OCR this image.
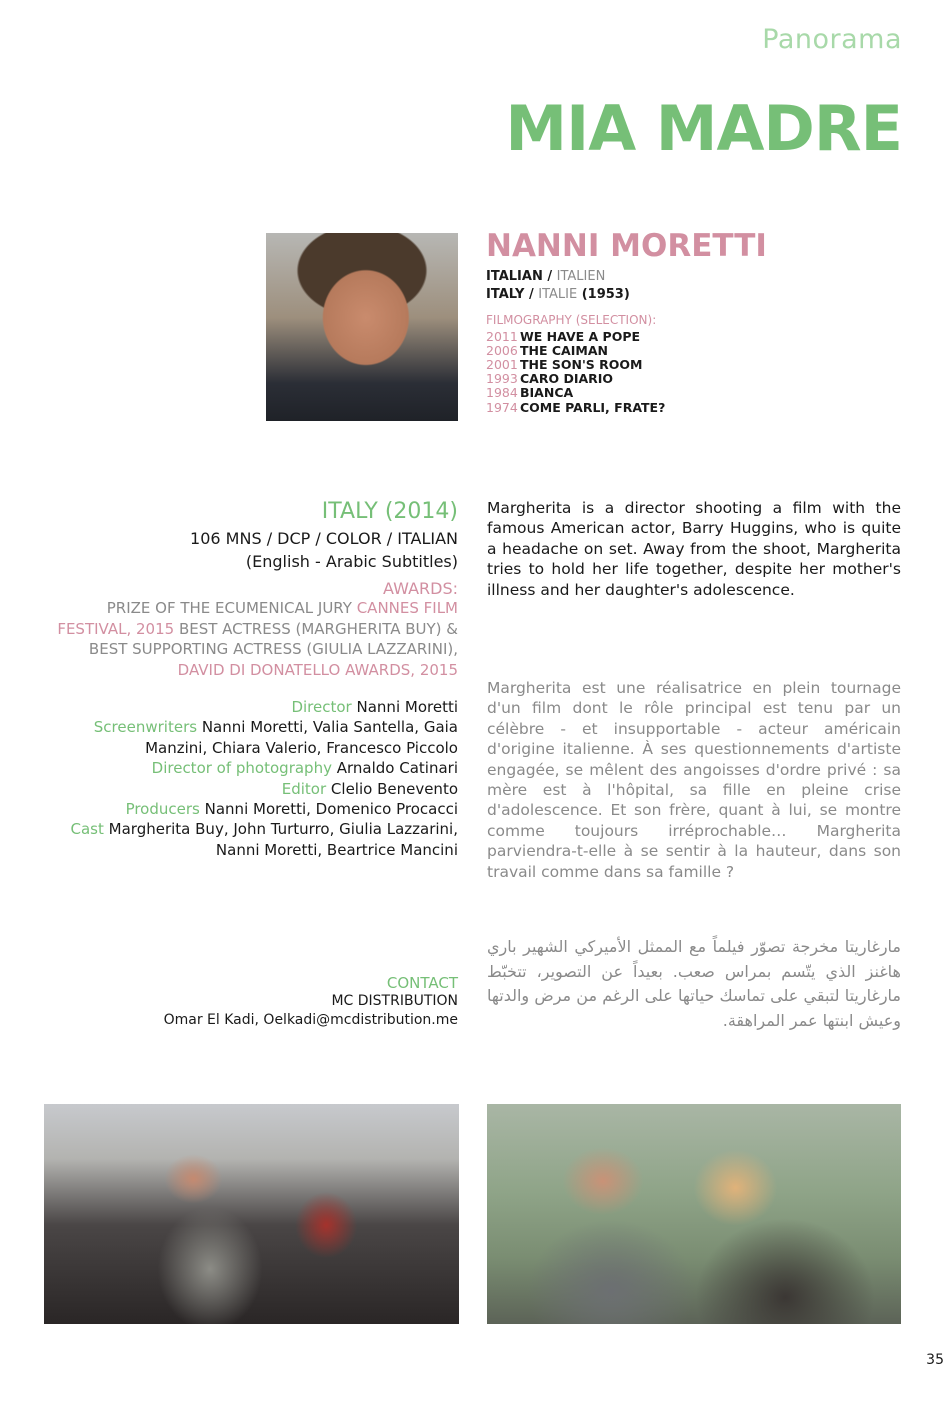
Panorama
MIA MADRE
NANNI MORETTI
ITALIAN / ITALIEN
ITALY / ITALIE (1953)
FILMOGRAPHY (SELECTION):
2011 WE HAVE A POPE
2006 THE CAIMAN
2001 THE SON'S ROOM
1993 CARO DIARIO
1984 BIANCA
1974 COME PARLI, FRATE?
ITALY (2014)
106 MNS / DCP / COLOR / ITALIAN
(English - Arabic Subtitles)
AWARDS:
PRIZE OF THE ECUMENICAL JURY CANNES FILM FESTIVAL, 2015 BEST ACTRESS (MARGHERITA BUY) & BEST SUPPORTING ACTRESS (GIULIA LAZZARINI), DAVID DI DONATELLO AWARDS, 2015
Director Nanni Moretti
Screenwriters Nanni Moretti, Valia Santella, Gaia Manzini, Chiara Valerio, Francesco Piccolo
Director of photography Arnaldo Catinari
Editor Clelio Benevento
Producers Nanni Moretti, Domenico Procacci
Cast Margherita Buy, John Turturro, Giulia Lazzarini, Nanni Moretti, Beartrice Mancini
CONTACT
MC DISTRIBUTION
Omar El Kadi, Oelkadi@mcdistribution.me
Margherita is a director shooting a film with the famous American actor, Barry Huggins, who is quite a headache on set. Away from the shoot, Margherita tries to hold her life together, despite her mother's illness and her daughter's adolescence.
Margherita est une réalisatrice en plein tournage d'un film dont le rôle principal est tenu par un célèbre - et insupportable - acteur américain d'origine italienne. À ses questionnements d'artiste engagée, se mêlent des angoisses d'ordre privé : sa mère est à l'hôpital, sa fille en pleine crise d'adolescence. Et son frère, quant à lui, se montre comme toujours irréprochable… Margherita parviendra-t-elle à se sentir à la hauteur, dans son travail comme dans sa famille ?
مارغاريتا مخرجة تصوّر فيلماً مع الممثل الأميركي الشهير باري هاغنز الذي يتّسم بمراس صعب. بعيداً عن التصوير، تتخبّط مارغاريتا لتبقي على تماسك حياتها على الرغم من مرض والدتها وعيش ابنتها عمر المراهقة.
35
